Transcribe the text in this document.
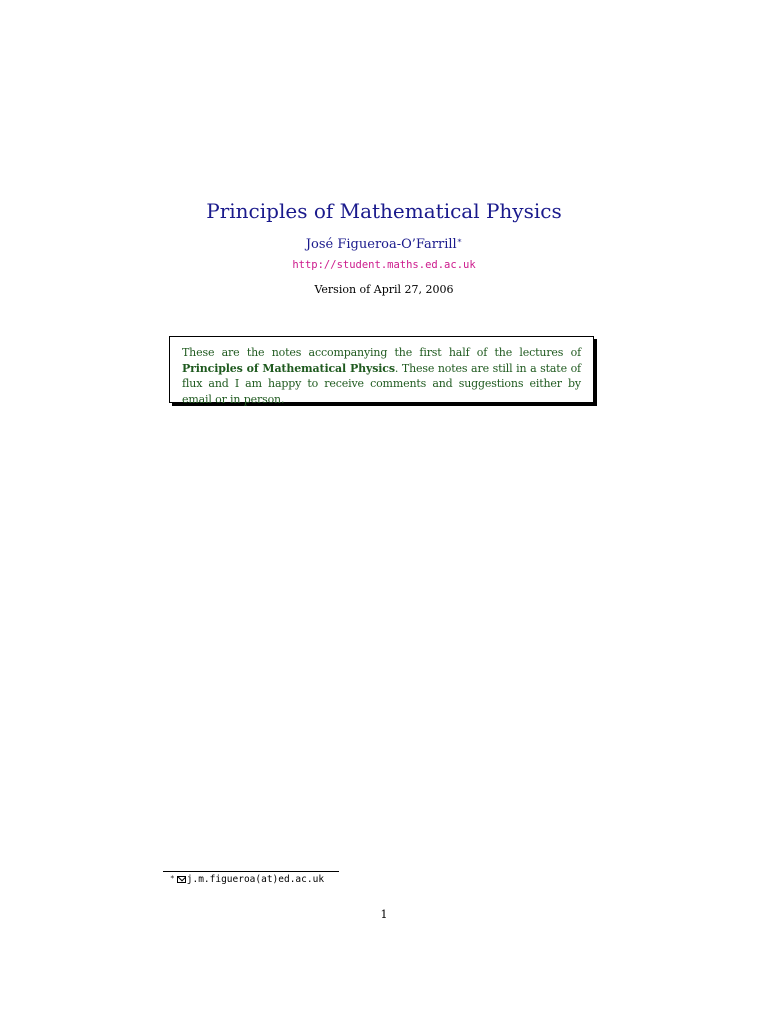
Principles of Mathematical Physics
José Figueroa-O’Farrill∗
http://student.maths.ed.ac.uk
Version of April 27, 2006
These are the notes accompanying the first half of the lectures of Principles of Mathematical Physics. These notes are still in a state of flux and I am happy to receive comments and suggestions either by email or in person.
∗ j.m.figueroa(at)ed.ac.uk
1
